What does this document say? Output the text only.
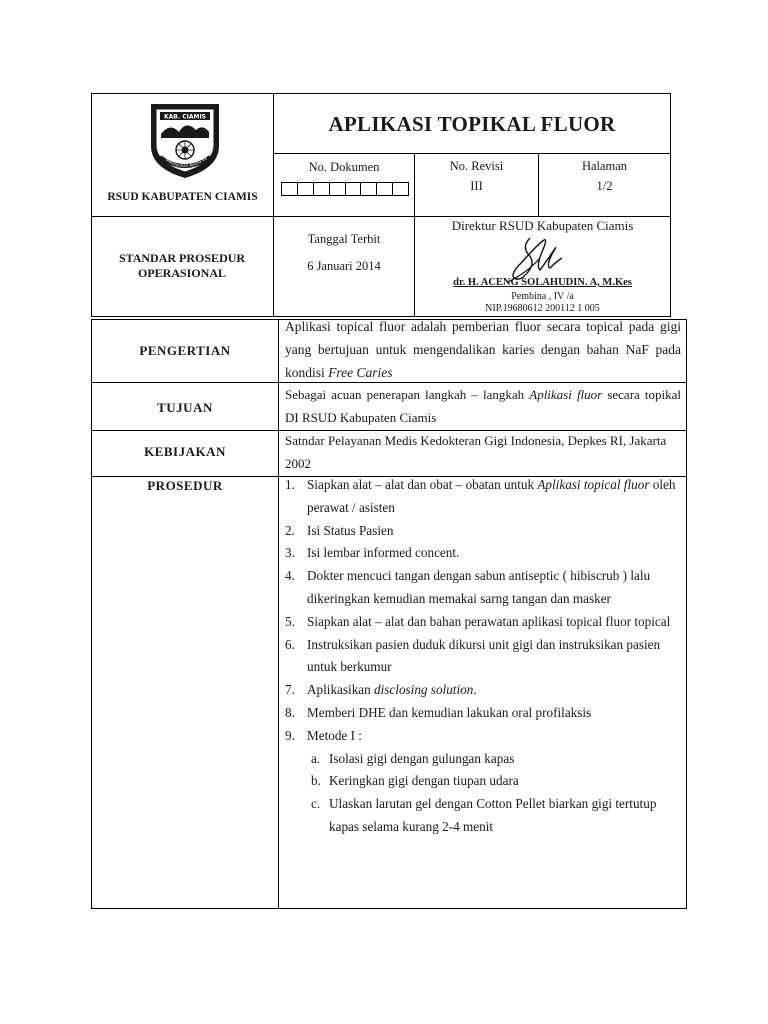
KAB. CIAMIS
Mahayunan Ayuna Ka
RSUD KABUPATEN CIAMIS
APLIKASI TOPIKAL FLUOR
No. Dokumen	No. Revisi
III
Halaman
1/2
STANDAR PROSEDUR OPERASIONAL
Tanggal Terbit
6 Januari 2014
Direktur RSUD Kabupaten Ciamis
dr. H. ACENG SOLAHUDIN. A, M.Kes
Pembina , IV /a
NIP.19680612 200112 1 005
PENGERTIAN
Aplikasi topical fluor adalah pemberian fluor secara topical pada gigi yang bertujuan untuk mengendalikan karies dengan bahan NaF pada kondisi Free Caries
TUJUAN
Sebagai acuan penerapan langkah – langkah Aplikasi fluor secara topikal DI RSUD Kabupaten Ciamis
KEBIJAKAN
Satndar Pelayanan Medis Kedokteran Gigi Indonesia, Depkes RI, Jakarta 2002
PROSEDUR	1. Siapkan alat – alat dan obat – obatan untuk Aplikasi topical fluor oleh perawat / asisten
2. Isi Status Pasien
3. Isi lembar informed concent.
4. Dokter mencuci tangan dengan sabun antiseptic ( hibiscrub ) lalu dikeringkan kemudian memakai sarng tangan dan masker
5. Siapkan alat – alat dan bahan perawatan aplikasi topical fluor topical
6. Instruksikan pasien duduk dikursi unit gigi dan instruksikan pasien untuk berkumur
7. Aplikasikan disclosing solution.
8. Memberi DHE dan kemudian lakukan oral profilaksis
9. Metode I :
a. Isolasi gigi dengan gulungan kapas
b. Keringkan gigi dengan tiupan udara
c. Ulaskan larutan gel dengan Cotton Pellet biarkan gigi tertutup kapas selama kurang 2-4 menit
